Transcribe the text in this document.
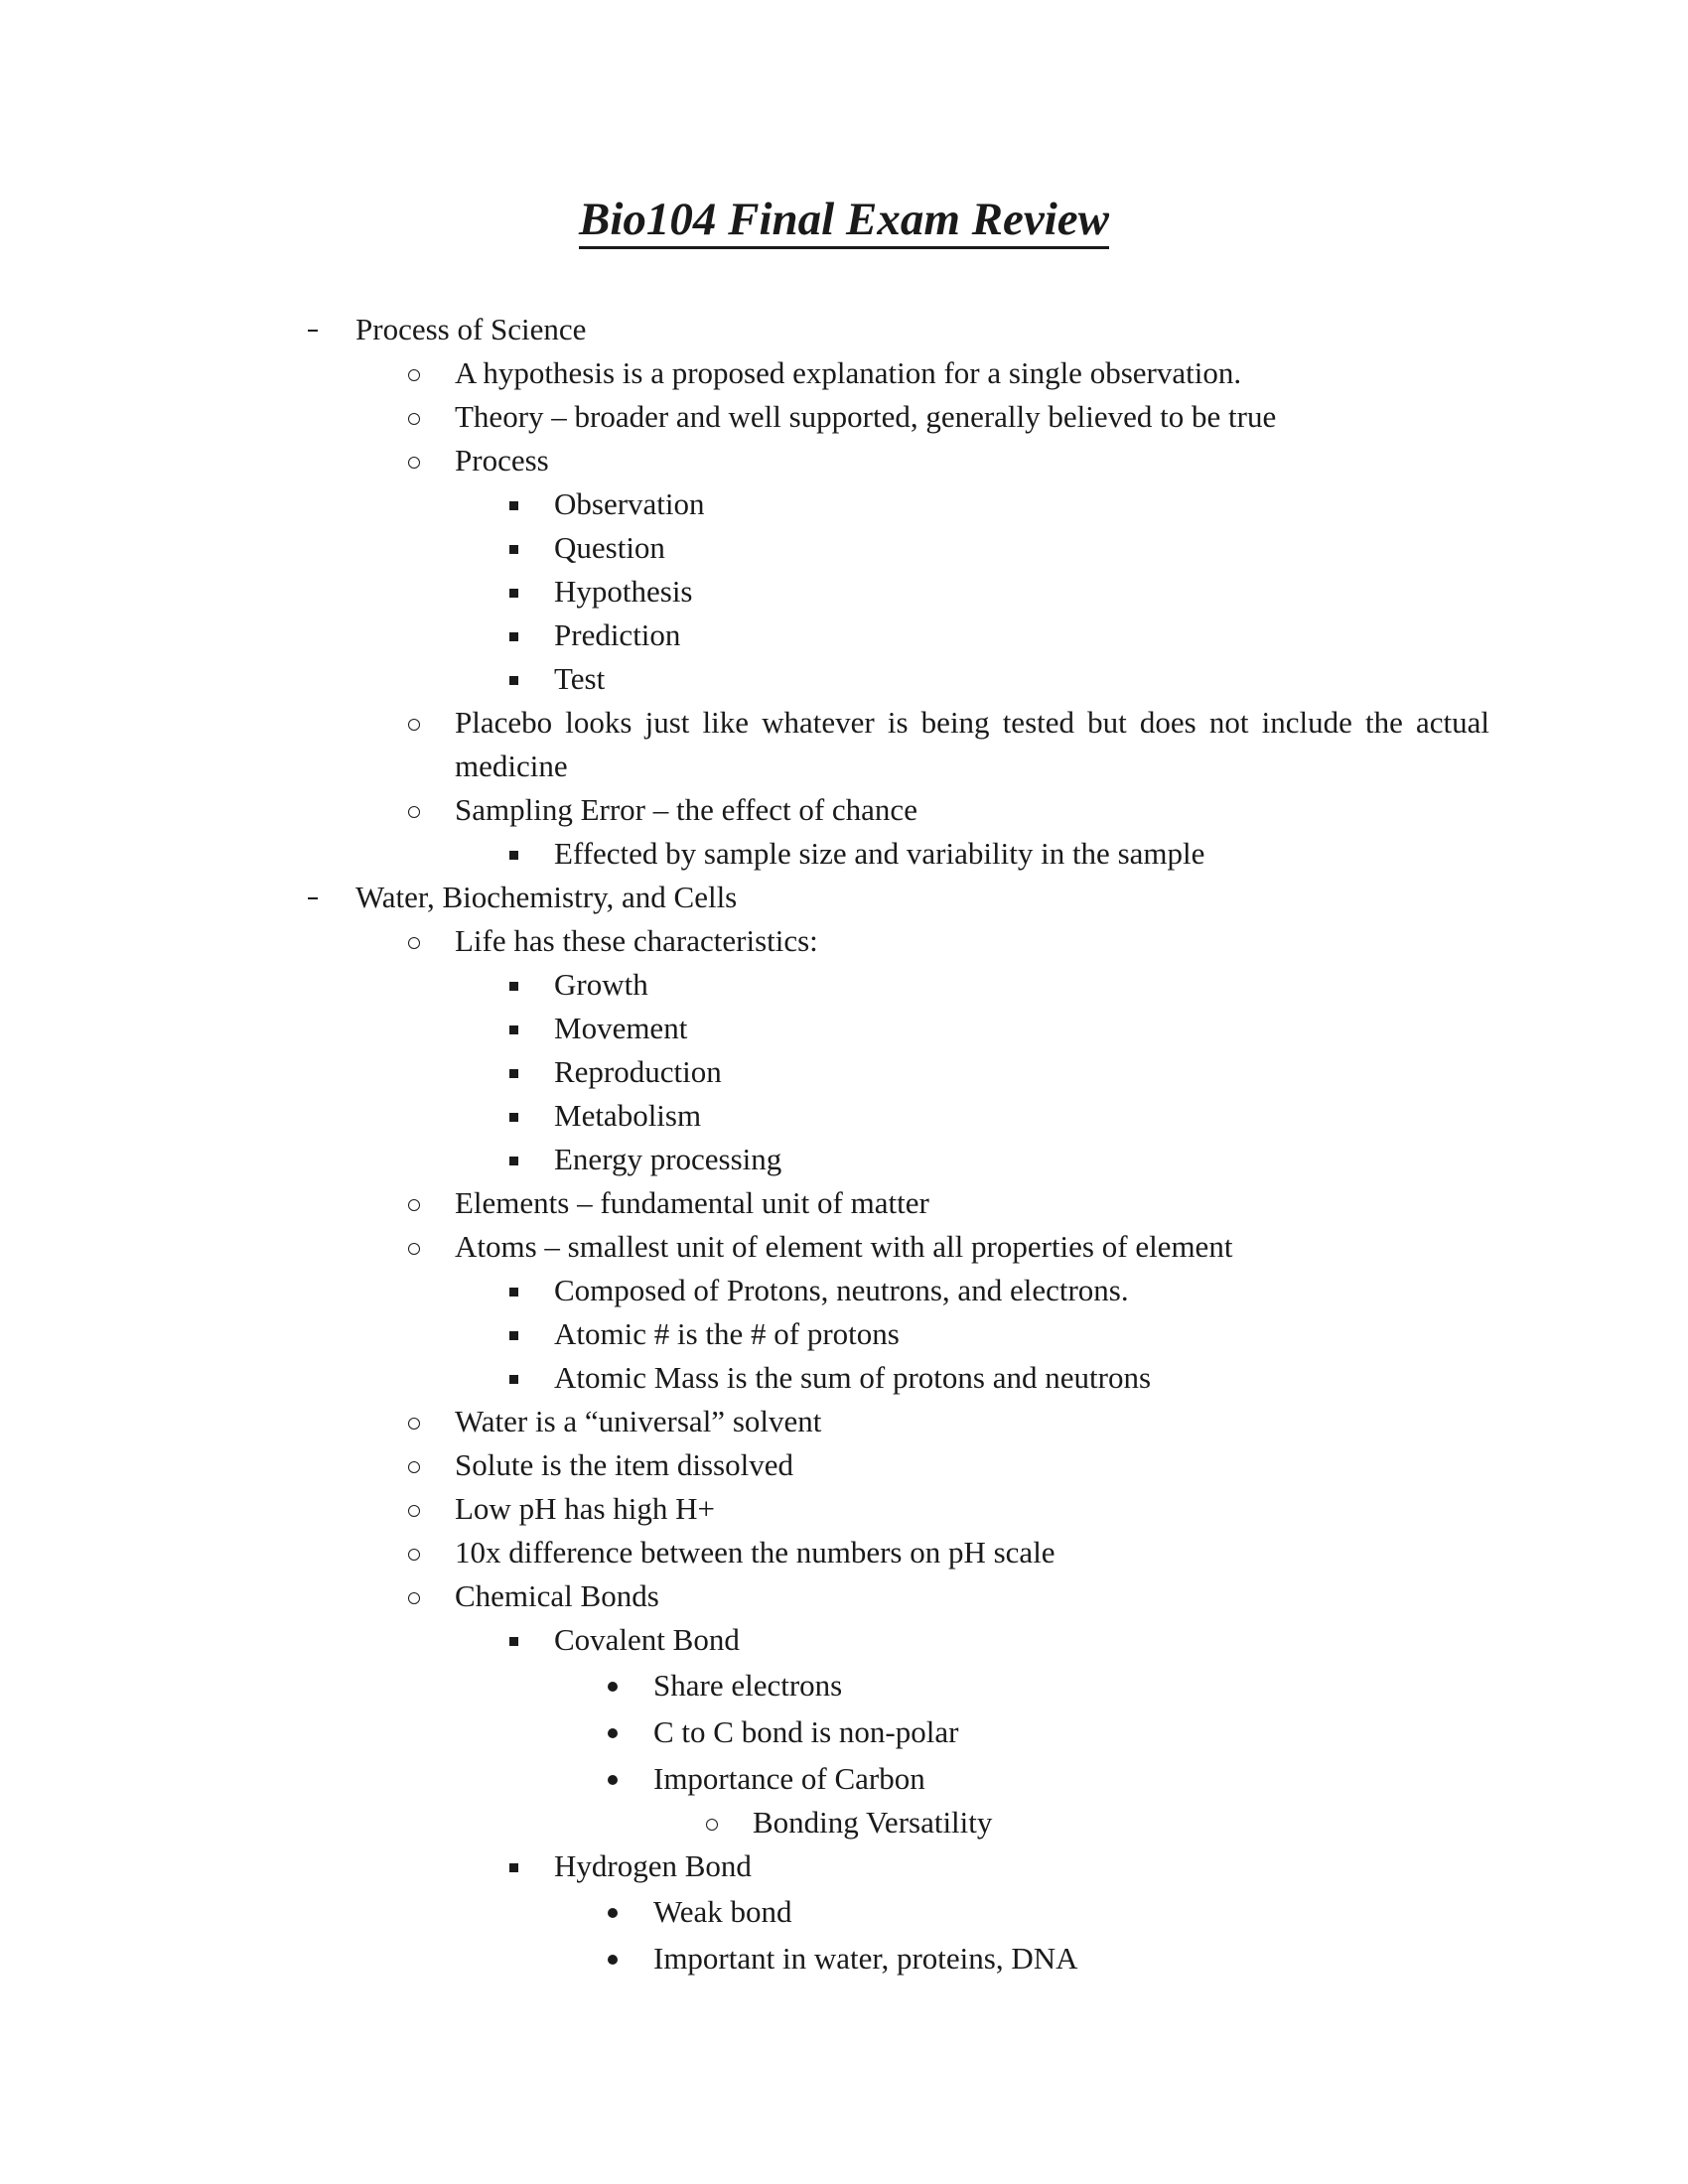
Bio104 Final Exam Review
Process of Science
A hypothesis is a proposed explanation for a single observation.
Theory – broader and well supported, generally believed to be true
Process
Observation
Question
Hypothesis
Prediction
Test
Placebo looks just like whatever is being tested but does not include the actual medicine
Sampling Error – the effect of chance
Effected by sample size and variability in the sample
Water, Biochemistry, and Cells
Life has these characteristics:
Growth
Movement
Reproduction
Metabolism
Energy processing
Elements – fundamental unit of matter
Atoms – smallest unit of element with all properties of element
Composed of Protons, neutrons, and electrons.
Atomic # is the # of protons
Atomic Mass is the sum of protons and neutrons
Water is a “universal” solvent
Solute is the item dissolved
Low pH has high H+
10x difference between the numbers on pH scale
Chemical Bonds
Covalent Bond
Share electrons
C to C bond is non-polar
Importance of Carbon
Bonding Versatility
Hydrogen Bond
Weak bond
Important in water, proteins, DNA
